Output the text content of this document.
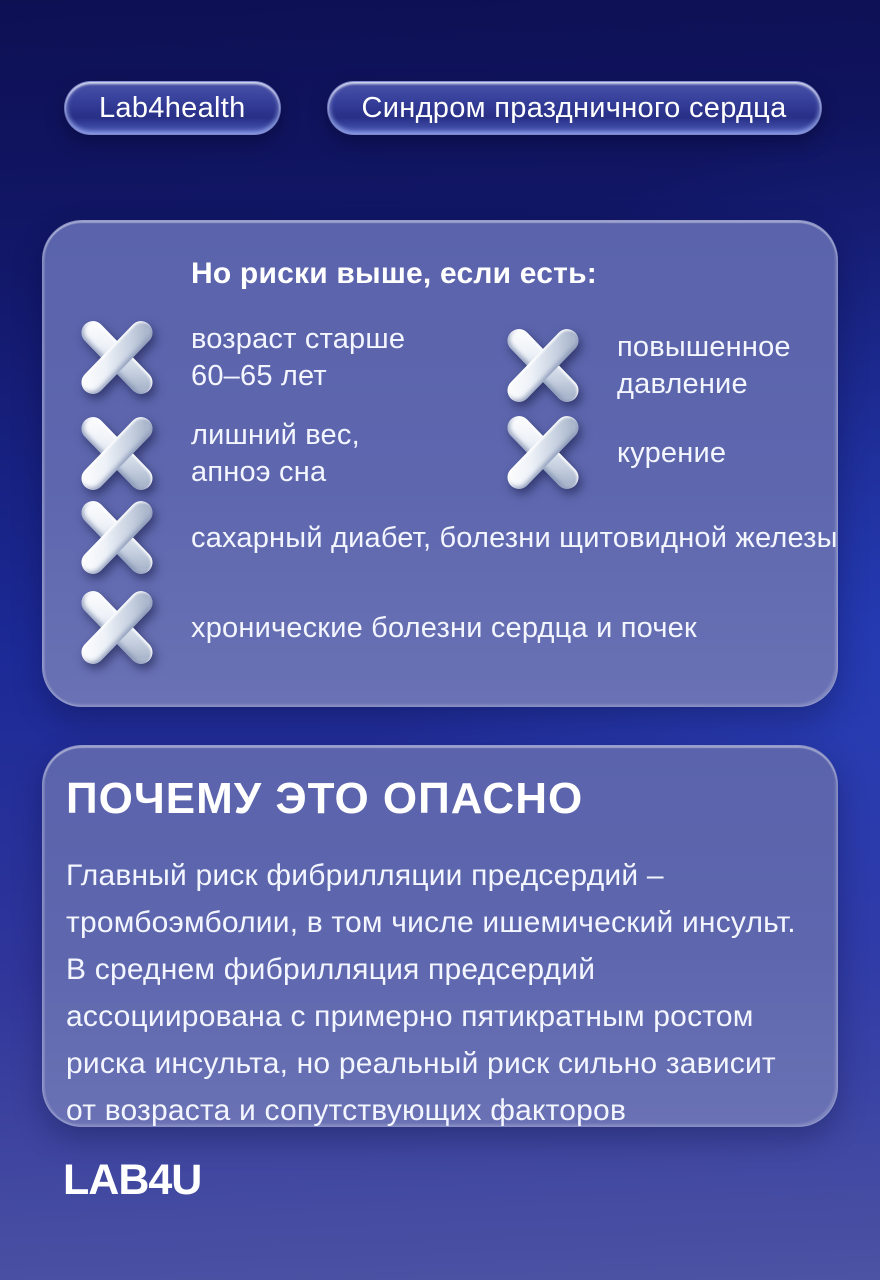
Lab4health	Синдром праздничного сердца
Но риски выше, если есть:
возраст старше
60–65 лет
повышенное
давление
лишний вес,
апноэ сна
курение
сахарный диабет, болезни щитовидной железы
хронические болезни сердца и почек
ПОЧЕМУ ЭТО ОПАСНО
Главный риск фибрилляции предсердий –
тромбоэмболии, в том числе ишемический инсульт.
В среднем фибрилляция предсердий
ассоциирована с примерно пятикратным ростом
риска инсульта, но реальный риск сильно зависит
от возраста и сопутствующих факторов
LAB4U
